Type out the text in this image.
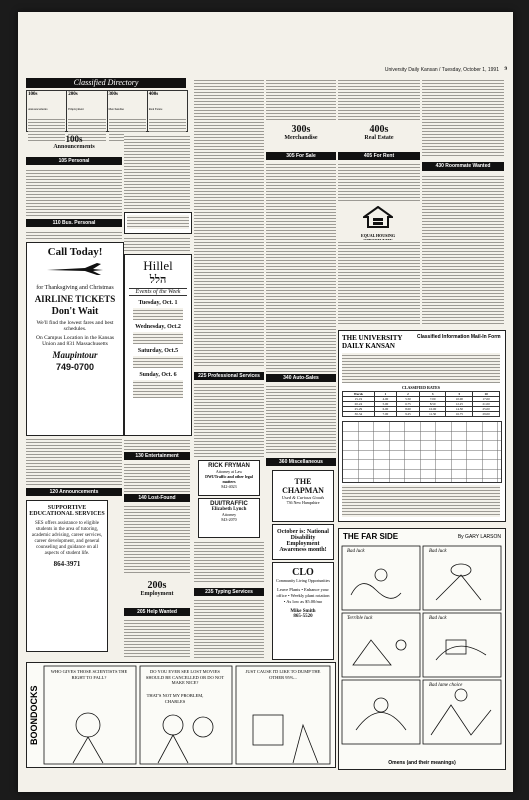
University Daily Kansan / Tuesday, October 1, 1991 9
Classified Directory
100s
Announcements
200s
Employment
300s
Merchandise
400s
Real Estate
100s
Announcements
105 Personal
110 Bus. Personal
Call Today!
for Thanksgiving and Christmas
AIRLINE TICKETS
Don't Wait
We'll find the lowest fares and best schedules.
On Campus Location in the Kansas Union and 831 Massachusetts
Maupintour
749-0700
120 Announcements
SUPPORTIVE EDUCATIONAL SERVICES
SES offers assistance to eligible students in the area of tutoring, academic advising, career services, career development, and general counseling and guidance on all aspects of student life.
864-3971
Hillel
הלל
Events of the Week
Tuesday, Oct. 1
Wednesday, Oct.2
Saturday, Oct.5
Sunday, Oct. 6
130 Entertainment
140 Lost-Found
200s
Employment
205 Help Wanted
225 Professional Services
RICK FRYMAN
Attorney at Law
DWI/Traffic and other legal matters
842-4023
DUI/TRAFFIC
Elizabeth Lynch
Attorney
843-2070
235 Typing Services
300s
Merchandise
305 For Sale
340 Auto-Sales
360 Miscellaneous
THE CHAPMAN
Used & Curious Goods
736 New Hampshire
October is: National Disability Employment Awareness month!
CLO
Community Living Opportunities
Leave Plants • Enhance your office • Weekly plant rotation • As low as $5.00/mo
Mike Smith
865-5520
400s
Real Estate
405 For Rent
EQUAL HOUSING
430 Roommate Wanted
THE UNIVERSITY DAILY KANSAN
Classified Information Mail-In Form
CLASSIFIED RATES
Words	1	2	3	5	10
15-19	4.00	5.50	7.00	10.00	17.00
20-24	5.00	6.75	8.50	12.25	21.00
25-29	6.00	8.00	10.00	14.50	25.00
30-34	7.00	9.25	11.50	16.75	29.00
THE FAR SIDE	By GARY LARSON
Bad luck	Bad luck
Terrible luck	Bad luck
Bad lame choice
Omens (and their meanings)
BOONDOCKS
WHO GIVES THOSE SCIENTISTS THE RIGHT TO FALL?
DO YOU EVER SEE LOST MOVIES SHOULD BE CANCELLED OR DO NOT MAKE NICE?
THAT'S NOT MY PROBLEM, CHARLES
JUST CAUSE I'D LIKE TO DUMP THE OTHER 95%...
